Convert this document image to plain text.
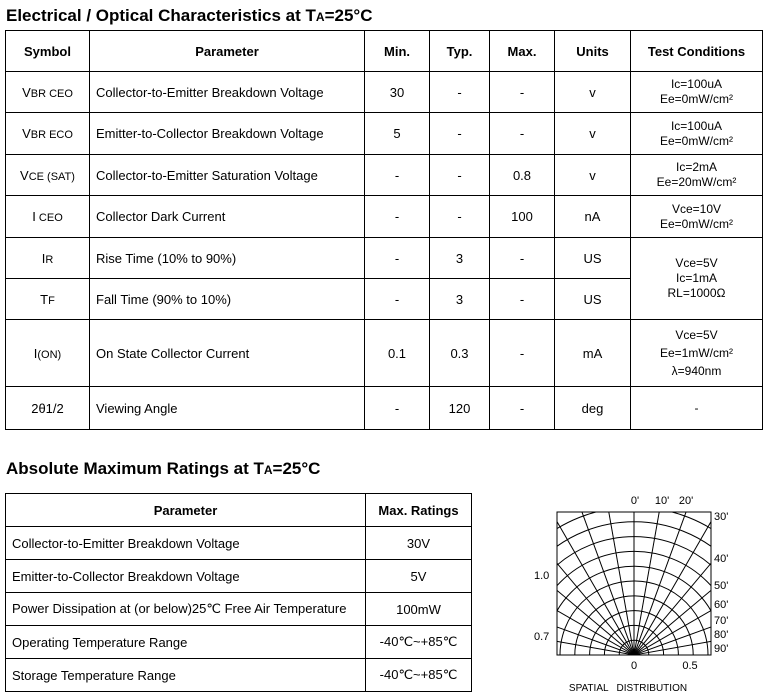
Electrical / Optical Characteristics at TA=25°C
Symbol	Parameter	Min.	Typ.	Max.	Units	Test Conditions
VBR CEO	Collector-to-Emitter Breakdown Voltage	30	-	-	v	Ic=100uA
Ee=0mW/cm²

VBR ECO	Emitter-to-Collector Breakdown Voltage	5	-	-	v	Ic=100uA
Ee=0mW/cm²

VCE (SAT)	Collector-to-Emitter Saturation Voltage	-	-	0.8	v	Ic=2mA
Ee=20mW/cm²

I CEO	Collector Dark Current	-	-	100	nA	Vce=10V
Ee=0mW/cm²

IR	Rise Time (10% to 90%)	-	3	-	US	Vce=5V
Ic=1mA
RL=1000Ω

TF	Fall Time (90% to 10%)	-	3	-	US	
I(ON)	On State Collector Current	0.1	0.3	-	mA	Vce=5V
Ee=1mW/cm²
λ=940nm

2θ1/2	Viewing Angle	-	120	-	deg	-
Absolute Maximum Ratings at TA=25°C
Parameter	Max. Ratings
Collector-to-Emitter Breakdown Voltage	30V
Emitter-to-Collector Breakdown Voltage	5V
Power Dissipation at (or below)25℃ Free Air Temperature	100mW
Operating Temperature Range	-40℃~+85℃
Storage Temperature Range	-40℃~+85℃
0' 10' 20'
30'
40'
50'
60'
70'
80'
90'
1.0
0.7
0	0.5
SPATIAL   DISTRIBUTION
